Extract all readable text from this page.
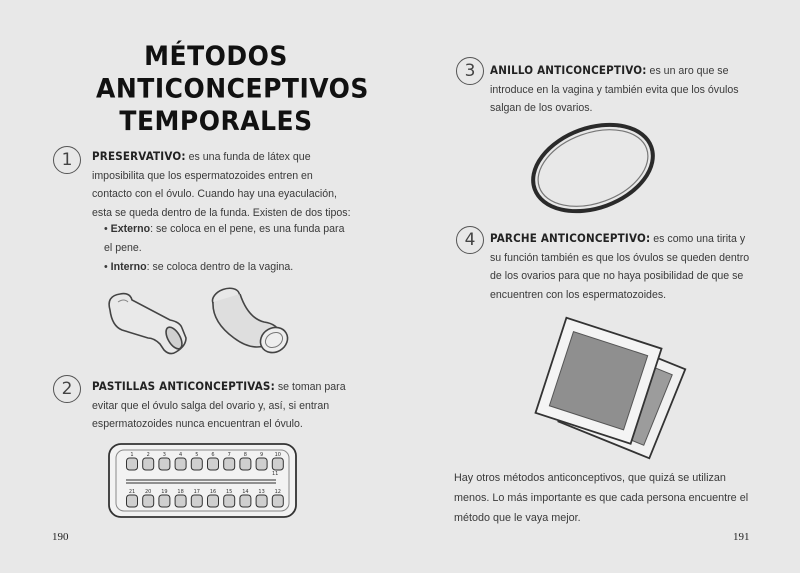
MÉTODOS
ANTICONCEPTIVOS
TEMPORALES
1	PRESERVATIVO: es una funda de látex que imposibilita que los espermatozoides entren en contacto con el óvulo. Cuando hay una eyaculación, esta se queda dentro de la funda. Existen de dos tipos:
• Externo: se coloca en el pene, es una funda para el pene.
• Interno: se coloca dentro de la vagina.
2	PASTILLAS ANTICONCEPTIVAS: se toman para evitar que el óvulo salga del ovario y, así, si entran espermatozoides nunca encuentran el óvulo.
1	2	3	4	5	6	7	8	9 10
21 20 19 18 17 16 15 14 13 12
11
190
3	ANILLO ANTICONCEPTIVO: es un aro que se introduce en la vagina y también evita que los óvulos salgan de los ovarios.
4	PARCHE ANTICONCEPTIVO: es como una tirita y su función también es que los óvulos se queden dentro de los ovarios para que no haya posibilidad de que se encuentren con los espermatozoides.
Hay otros métodos anticonceptivos, que quizá se utilizan menos. Lo más importante es que cada persona encuentre el método que le vaya mejor.
191
